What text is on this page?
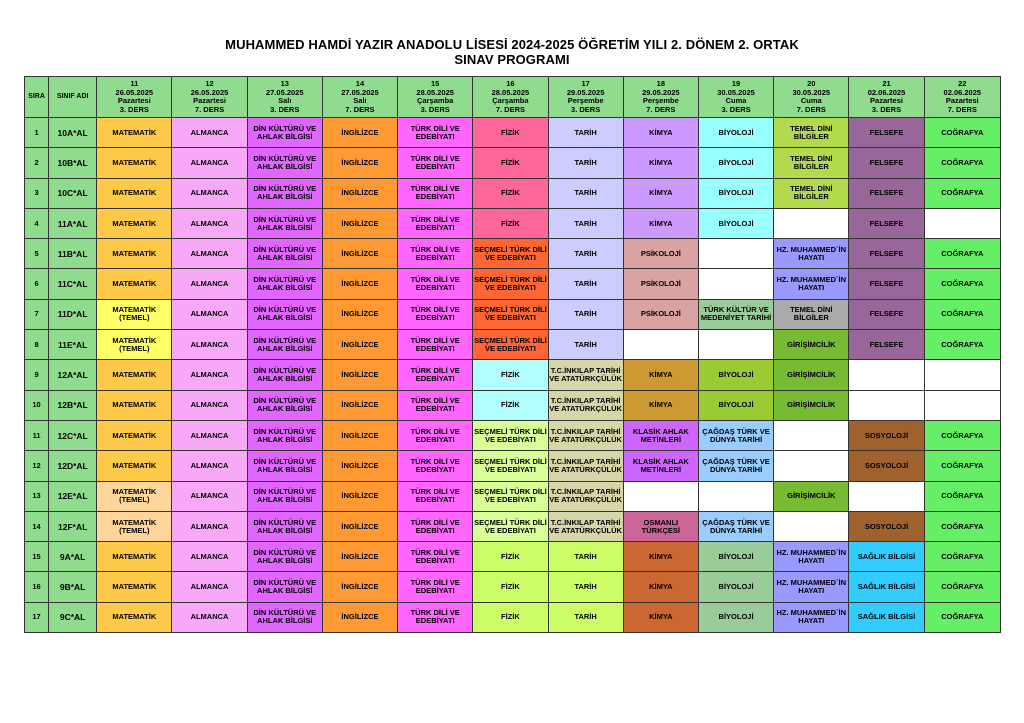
MUHAMMED HAMDİ YAZIR ANADOLU LİSESİ 2024-2025 ÖĞRETİM YILI 2. DÖNEM 2. ORTAK
SINAV PROGRAMI
SIRA	SINIF ADI	11
26.05.2025
Pazartesi
3. DERS	12
26.05.2025
Pazartesi
7. DERS	13
27.05.2025
Salı
3. DERS	14
27.05.2025
Salı
7. DERS	15
28.05.2025
Çarşamba
3. DERS	16
28.05.2025
Çarşamba
7. DERS	17
29.05.2025
Perşembe
3. DERS	18
29.05.2025
Perşembe
7. DERS	19
30.05.2025
Cuma
3. DERS	20
30.05.2025
Cuma
7. DERS	21
02.06.2025
Pazartesi
3. DERS	22
02.06.2025
Pazartesi
7. DERS

1	10A*AL	MATEMATİK	ALMANCA	DİN KÜLTÜRÜ VE AHLAK BİLGİSİ	İNGİLİZCE	TÜRK DİLİ VE EDEBİYATI	FİZİK	TARİH	KİMYA	BİYOLOJİ	TEMEL DİNİ BİLGİLER	FELSEFE	COĞRAFYA
2	10B*AL	MATEMATİK	ALMANCA	DİN KÜLTÜRÜ VE AHLAK BİLGİSİ	İNGİLİZCE	TÜRK DİLİ VE EDEBİYATI	FİZİK	TARİH	KİMYA	BİYOLOJİ	TEMEL DİNİ BİLGİLER	FELSEFE	COĞRAFYA
3	10C*AL	MATEMATİK	ALMANCA	DİN KÜLTÜRÜ VE AHLAK BİLGİSİ	İNGİLİZCE	TÜRK DİLİ VE EDEBİYATI	FİZİK	TARİH	KİMYA	BİYOLOJİ	TEMEL DİNİ BİLGİLER	FELSEFE	COĞRAFYA
4	11A*AL	MATEMATİK	ALMANCA	DİN KÜLTÜRÜ VE AHLAK BİLGİSİ	İNGİLİZCE	TÜRK DİLİ VE EDEBİYATI	FİZİK	TARİH	KİMYA	BİYOLOJİ		FELSEFE	
5	11B*AL	MATEMATİK	ALMANCA	DİN KÜLTÜRÜ VE AHLAK BİLGİSİ	İNGİLİZCE	TÜRK DİLİ VE EDEBİYATI	SEÇMELİ TÜRK DİLİ VE EDEBİYATI	TARİH	PSİKOLOJİ		HZ. MUHAMMED`İN HAYATI	FELSEFE	COĞRAFYA
6	11C*AL	MATEMATİK	ALMANCA	DİN KÜLTÜRÜ VE AHLAK BİLGİSİ	İNGİLİZCE	TÜRK DİLİ VE EDEBİYATI	SEÇMELİ TÜRK DİLİ VE EDEBİYATI	TARİH	PSİKOLOJİ		HZ. MUHAMMED`İN HAYATI	FELSEFE	COĞRAFYA
7	11D*AL	MATEMATİK (TEMEL)	ALMANCA	DİN KÜLTÜRÜ VE AHLAK BİLGİSİ	İNGİLİZCE	TÜRK DİLİ VE EDEBİYATI	SEÇMELİ TÜRK DİLİ VE EDEBİYATI	TARİH	PSİKOLOJİ	TÜRK KÜLTÜR VE MEDENİYET TARİHİ	TEMEL DİNİ BİLGİLER	FELSEFE	COĞRAFYA
8	11E*AL	MATEMATİK (TEMEL)	ALMANCA	DİN KÜLTÜRÜ VE AHLAK BİLGİSİ	İNGİLİZCE	TÜRK DİLİ VE EDEBİYATI	SEÇMELİ TÜRK DİLİ VE EDEBİYATI	TARİH			GİRİŞİMCİLİK	FELSEFE	COĞRAFYA
9	12A*AL	MATEMATİK	ALMANCA	DİN KÜLTÜRÜ VE AHLAK BİLGİSİ	İNGİLİZCE	TÜRK DİLİ VE EDEBİYATI	FİZİK	T.C.İNKILAP TARİHİ VE ATATÜRKÇÜLÜK	KİMYA	BİYOLOJİ	GİRİŞİMCİLİK		
10	12B*AL	MATEMATİK	ALMANCA	DİN KÜLTÜRÜ VE AHLAK BİLGİSİ	İNGİLİZCE	TÜRK DİLİ VE EDEBİYATI	FİZİK	T.C.İNKILAP TARİHİ VE ATATÜRKÇÜLÜK	KİMYA	BİYOLOJİ	GİRİŞİMCİLİK		
11	12C*AL	MATEMATİK	ALMANCA	DİN KÜLTÜRÜ VE AHLAK BİLGİSİ	İNGİLİZCE	TÜRK DİLİ VE EDEBİYATI	SEÇMELİ TÜRK DİLİ VE EDEBİYATI	T.C.İNKILAP TARİHİ VE ATATÜRKÇÜLÜK	KLASİK AHLAK METİNLERİ	ÇAĞDAŞ TÜRK VE DÜNYA TARİHİ		SOSYOLOJİ	COĞRAFYA
12	12D*AL	MATEMATİK	ALMANCA	DİN KÜLTÜRÜ VE AHLAK BİLGİSİ	İNGİLİZCE	TÜRK DİLİ VE EDEBİYATI	SEÇMELİ TÜRK DİLİ VE EDEBİYATI	T.C.İNKILAP TARİHİ VE ATATÜRKÇÜLÜK	KLASİK AHLAK METİNLERİ	ÇAĞDAŞ TÜRK VE DÜNYA TARİHİ		SOSYOLOJİ	COĞRAFYA
13	12E*AL	MATEMATİK (TEMEL)	ALMANCA	DİN KÜLTÜRÜ VE AHLAK BİLGİSİ	İNGİLİZCE	TÜRK DİLİ VE EDEBİYATI	SEÇMELİ TÜRK DİLİ VE EDEBİYATI	T.C.İNKILAP TARİHİ VE ATATÜRKÇÜLÜK			GİRİŞİMCİLİK		COĞRAFYA
14	12F*AL	MATEMATİK (TEMEL)	ALMANCA	DİN KÜLTÜRÜ VE AHLAK BİLGİSİ	İNGİLİZCE	TÜRK DİLİ VE EDEBİYATI	SEÇMELİ TÜRK DİLİ VE EDEBİYATI	T.C.İNKILAP TARİHİ VE ATATÜRKÇÜLÜK	OSMANLI TÜRKÇESİ	ÇAĞDAŞ TÜRK VE DÜNYA TARİHİ		SOSYOLOJİ	COĞRAFYA
15	9A*AL	MATEMATİK	ALMANCA	DİN KÜLTÜRÜ VE AHLAK BİLGİSİ	İNGİLİZCE	TÜRK DİLİ VE EDEBİYATI	FİZİK	TARİH	KİMYA	BİYOLOJİ	HZ. MUHAMMED`İN HAYATI	SAĞLIK BİLGİSİ	COĞRAFYA
16	9B*AL	MATEMATİK	ALMANCA	DİN KÜLTÜRÜ VE AHLAK BİLGİSİ	İNGİLİZCE	TÜRK DİLİ VE EDEBİYATI	FİZİK	TARİH	KİMYA	BİYOLOJİ	HZ. MUHAMMED`İN HAYATI	SAĞLIK BİLGİSİ	COĞRAFYA
17	9C*AL	MATEMATİK	ALMANCA	DİN KÜLTÜRÜ VE AHLAK BİLGİSİ	İNGİLİZCE	TÜRK DİLİ VE EDEBİYATI	FİZİK	TARİH	KİMYA	BİYOLOJİ	HZ. MUHAMMED`İN HAYATI	SAĞLIK BİLGİSİ	COĞRAFYA
